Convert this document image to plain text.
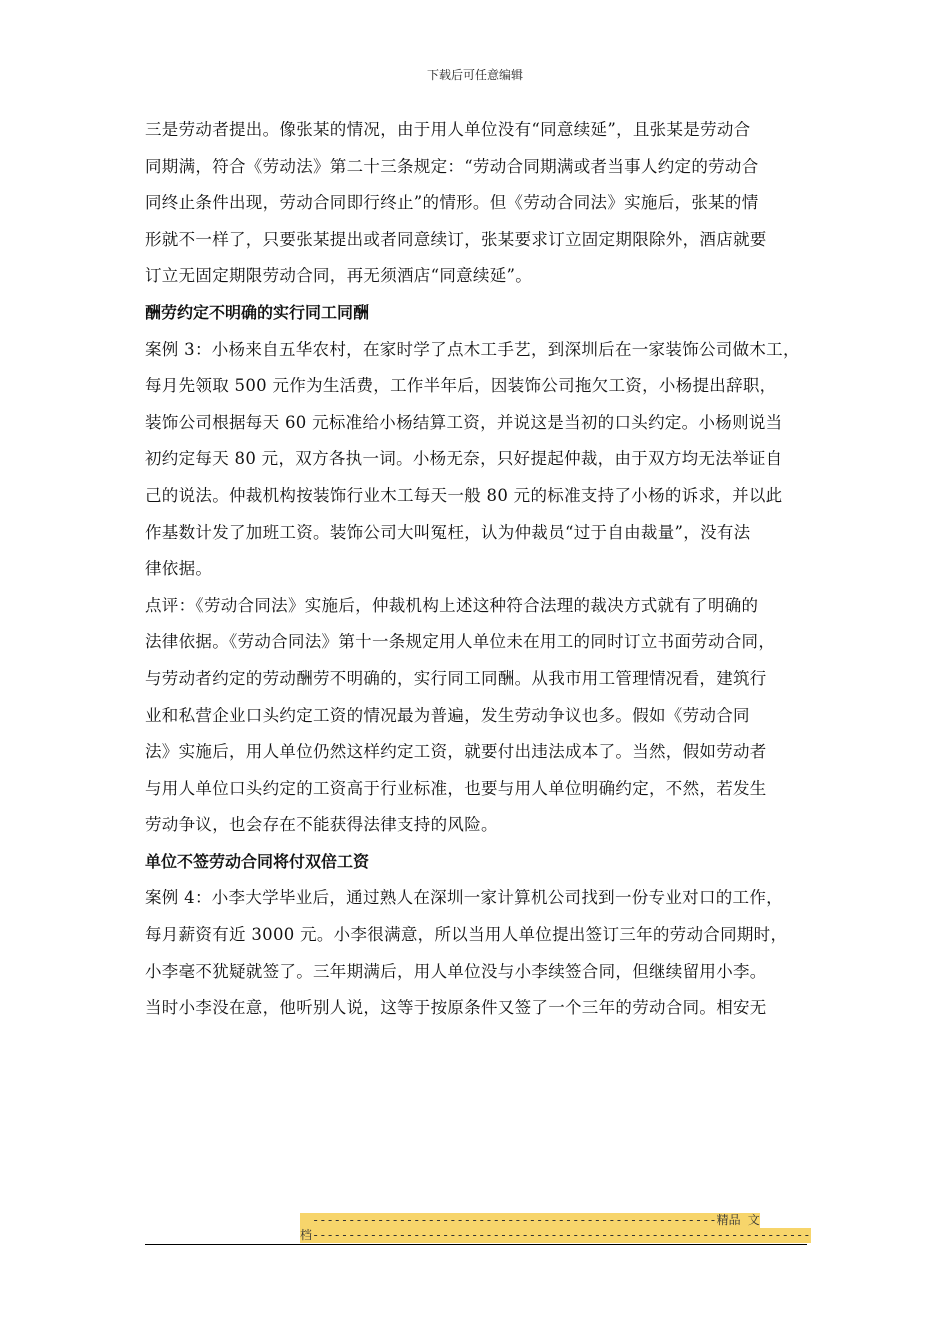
下载后可任意编辑
三是劳动者提出。像张某的情况，由于用人单位没有“同意续延”，且张某是劳动合
同期满，符合《劳动法》第二十三条规定：“劳动合同期满或者当事人约定的劳动合
同终止条件出现，劳动合同即行终止”的情形。但《劳动合同法》实施后，张某的情
形就不一样了，只要张某提出或者同意续订，张某要求订立固定期限除外，酒店就要
订立无固定期限劳动合同，再无须酒店“同意续延”。
酬劳约定不明确的实行同工同酬
案例 3：小杨来自五华农村，在家时学了点木工手艺，到深圳后在一家装饰公司做木工，
每月先领取 500 元作为生活费，工作半年后，因装饰公司拖欠工资，小杨提出辞职，
装饰公司根据每天 60 元标准给小杨结算工资，并说这是当初的口头约定。小杨则说当
初约定每天 80 元，双方各执一词。小杨无奈，只好提起仲裁，由于双方均无法举证自
己的说法。仲裁机构按装饰行业木工每天一般 80 元的标准支持了小杨的诉求，并以此
作基数计发了加班工资。装饰公司大叫冤枉，认为仲裁员“过于自由裁量”，没有法
律依据。
点评：《劳动合同法》实施后，仲裁机构上述这种符合法理的裁决方式就有了明确的
法律依据。《劳动合同法》第十一条规定用人单位未在用工的同时订立书面劳动合同，
与劳动者约定的劳动酬劳不明确的，实行同工同酬。从我市用工管理情况看，建筑行
业和私营企业口头约定工资的情况最为普遍，发生劳动争议也多。假如《劳动合同
法》实施后，用人单位仍然这样约定工资，就要付出违法成本了。当然，假如劳动者
与用人单位口头约定的工资高于行业标准，也要与用人单位明确约定，不然，若发生
劳动争议，也会存在不能获得法律支持的风险。
单位不签劳动合同将付双倍工资
案例 4：小李大学毕业后，通过熟人在深圳一家计算机公司找到一份专业对口的工作，
每月薪资有近 3000 元。小李很满意，所以当用人单位提出签订三年的劳动合同期时，
小李毫不犹疑就签了。三年期满后，用人单位没与小李续签合同，但继续留用小李。
当时小李没在意，他听别人说，这等于按原条件又签了一个三年的劳动合同。相安无
--------------------------------------------------------精品 文
档---------------------------------------------------------------------
